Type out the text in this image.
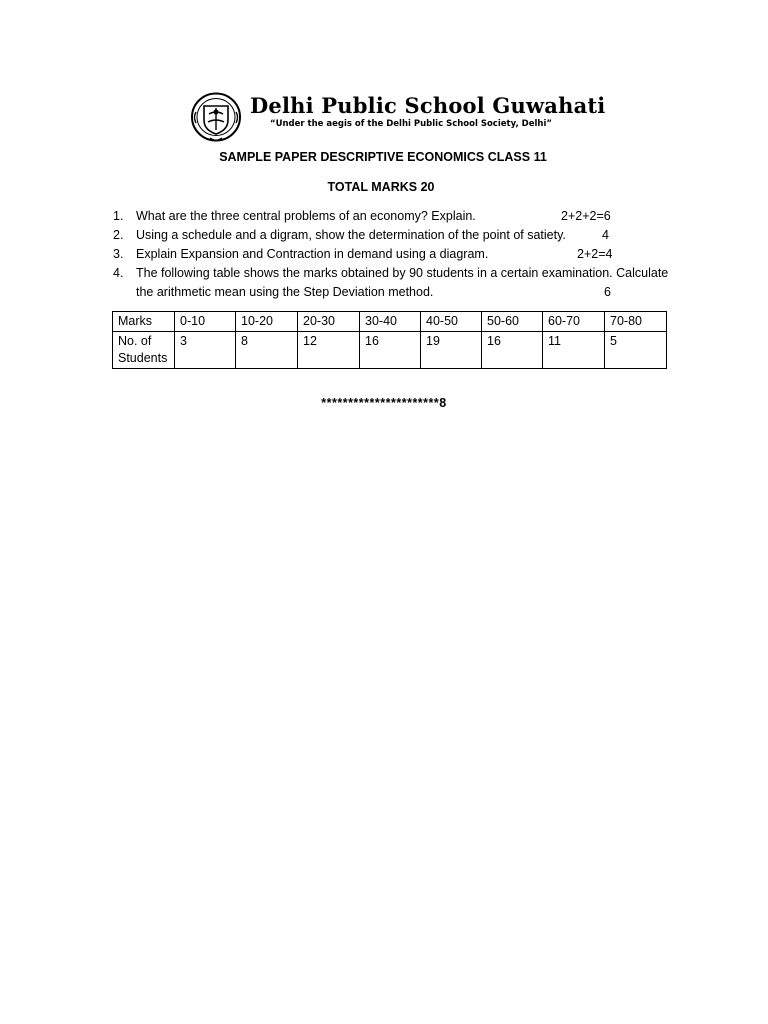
Delhi Public School Guwahati
“Under the aegis of the Delhi Public School Society, Delhi”
SAMPLE PAPER DESCRIPTIVE ECONOMICS CLASS 11
TOTAL MARKS 20
1. What are the three central problems of an economy? Explain.	2+2+2=6
2. Using a schedule and a digram, show the determination of the point of satiety.	4
3. Explain Expansion and Contraction in demand using a diagram.	2+2=4
4. The following table shows the marks obtained by 90 students in a certain examination. Calculate
the arithmetic mean using the Step Deviation method.	6
Marks	0-10	10-20	20-30	30-40	40-50	50-60	60-70	70-80
No. of
Students	3	8	12	16	19	16	11	5
**********************8
